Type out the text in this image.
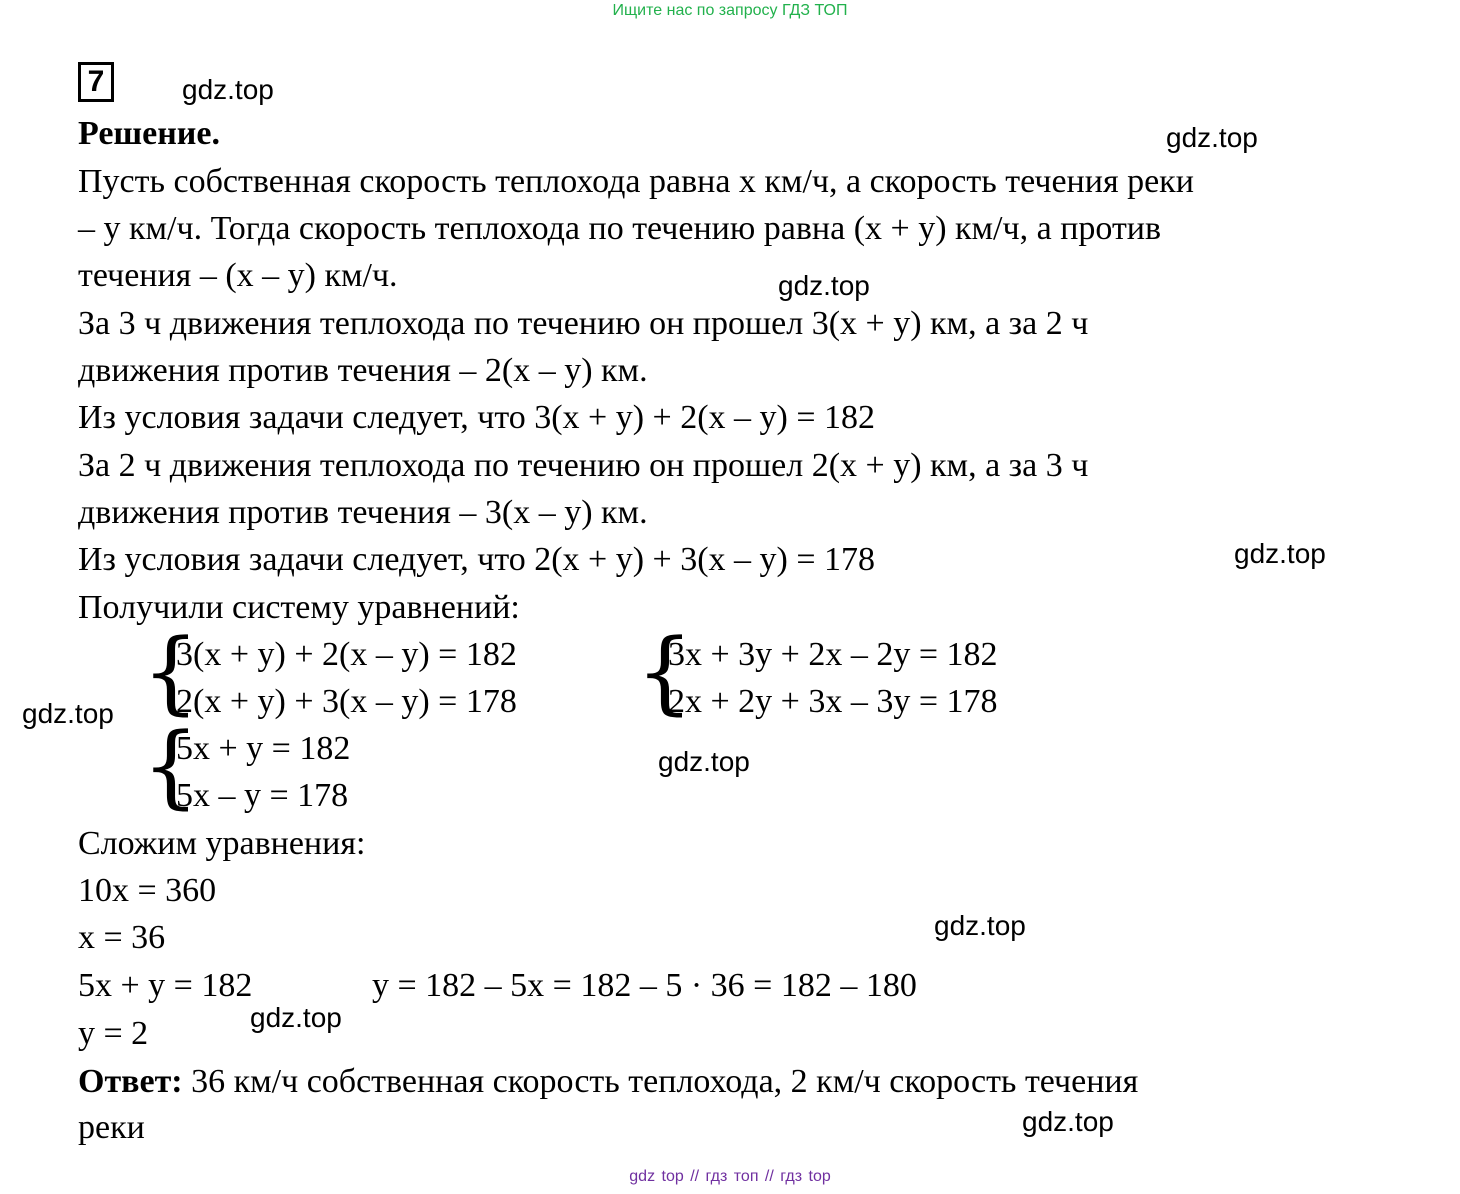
Ищите нас по запросу ГДЗ ТОП
7
Решение.
Пусть собственная скорость теплохода равна x км/ч, а скорость течения реки
– y км/ч. Тогда скорость теплохода по течению равна (x + y) км/ч, а против
течения – (x – y) км/ч.
За 3 ч движения теплохода по течению он прошел 3(x + y) км, а за 2 ч
движения против течения – 2(x – y) км.
Из условия задачи следует, что 3(x + y) + 2(x – y) = 182
За 2 ч движения теплохода по течению он прошел 2(x + y) км, а за 3 ч
движения против течения – 3(x – y) км.
Из условия задачи следует, что 2(x + y) + 3(x – y) = 178
Получили систему уравнений:
{
3(x + y) + 2(x – y) = 182
2(x + y) + 3(x – y) = 178 {
3x + 3y + 2x – 2y = 182
2x + 2y + 3x – 3y = 178
{
5x + y = 182
5x – y = 178
Сложим уравнения:
10x = 360
x = 36
5x + y = 182	y = 182 – 5x = 182 – 5 · 36 = 182 – 180
y = 2
Ответ: 36 км/ч собственная скорость теплохода, 2 км/ч скорость течения
реки
gdz.top
gdz.top
gdz.top
gdz.top
gdz.top
gdz.top
gdz.top
gdz.top
gdz.top
gdz top // гдз топ // гдз top
